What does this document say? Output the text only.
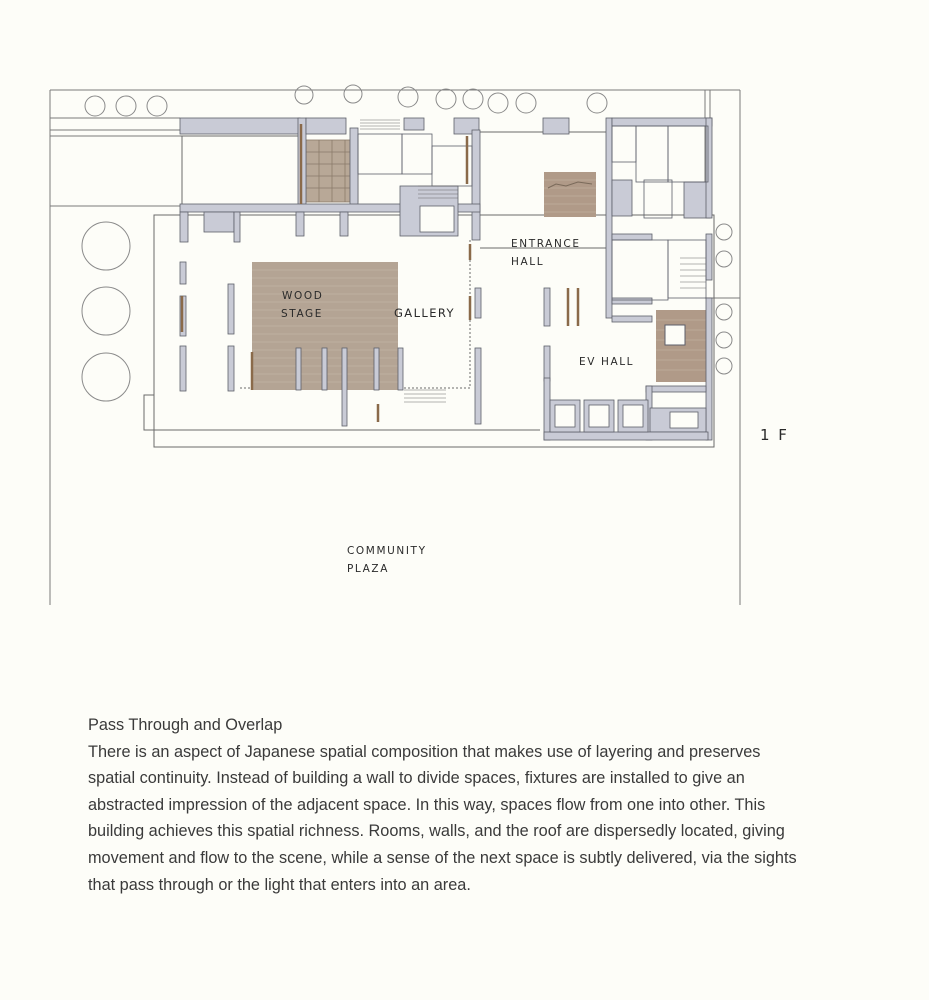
WOOD
STAGE	GALLERY
ENTRANCE
HALL
EV HALL
COMMUNITY
PLAZA
1 F

Pass Through and Overlap

There is an aspect of Japanese spatial composition that makes use of layering and preserves spatial continuity. Instead of building a wall to divide spaces, fixtures are installed to give an abstracted impression of the adjacent space. In this way, spaces flow from one into other. This building achieves this spatial richness. Rooms, walls, and the roof are dispersedly located, giving movement and flow to the scene, while a sense of the next space is subtly delivered, via the sights that pass through or the light that enters into an area.
